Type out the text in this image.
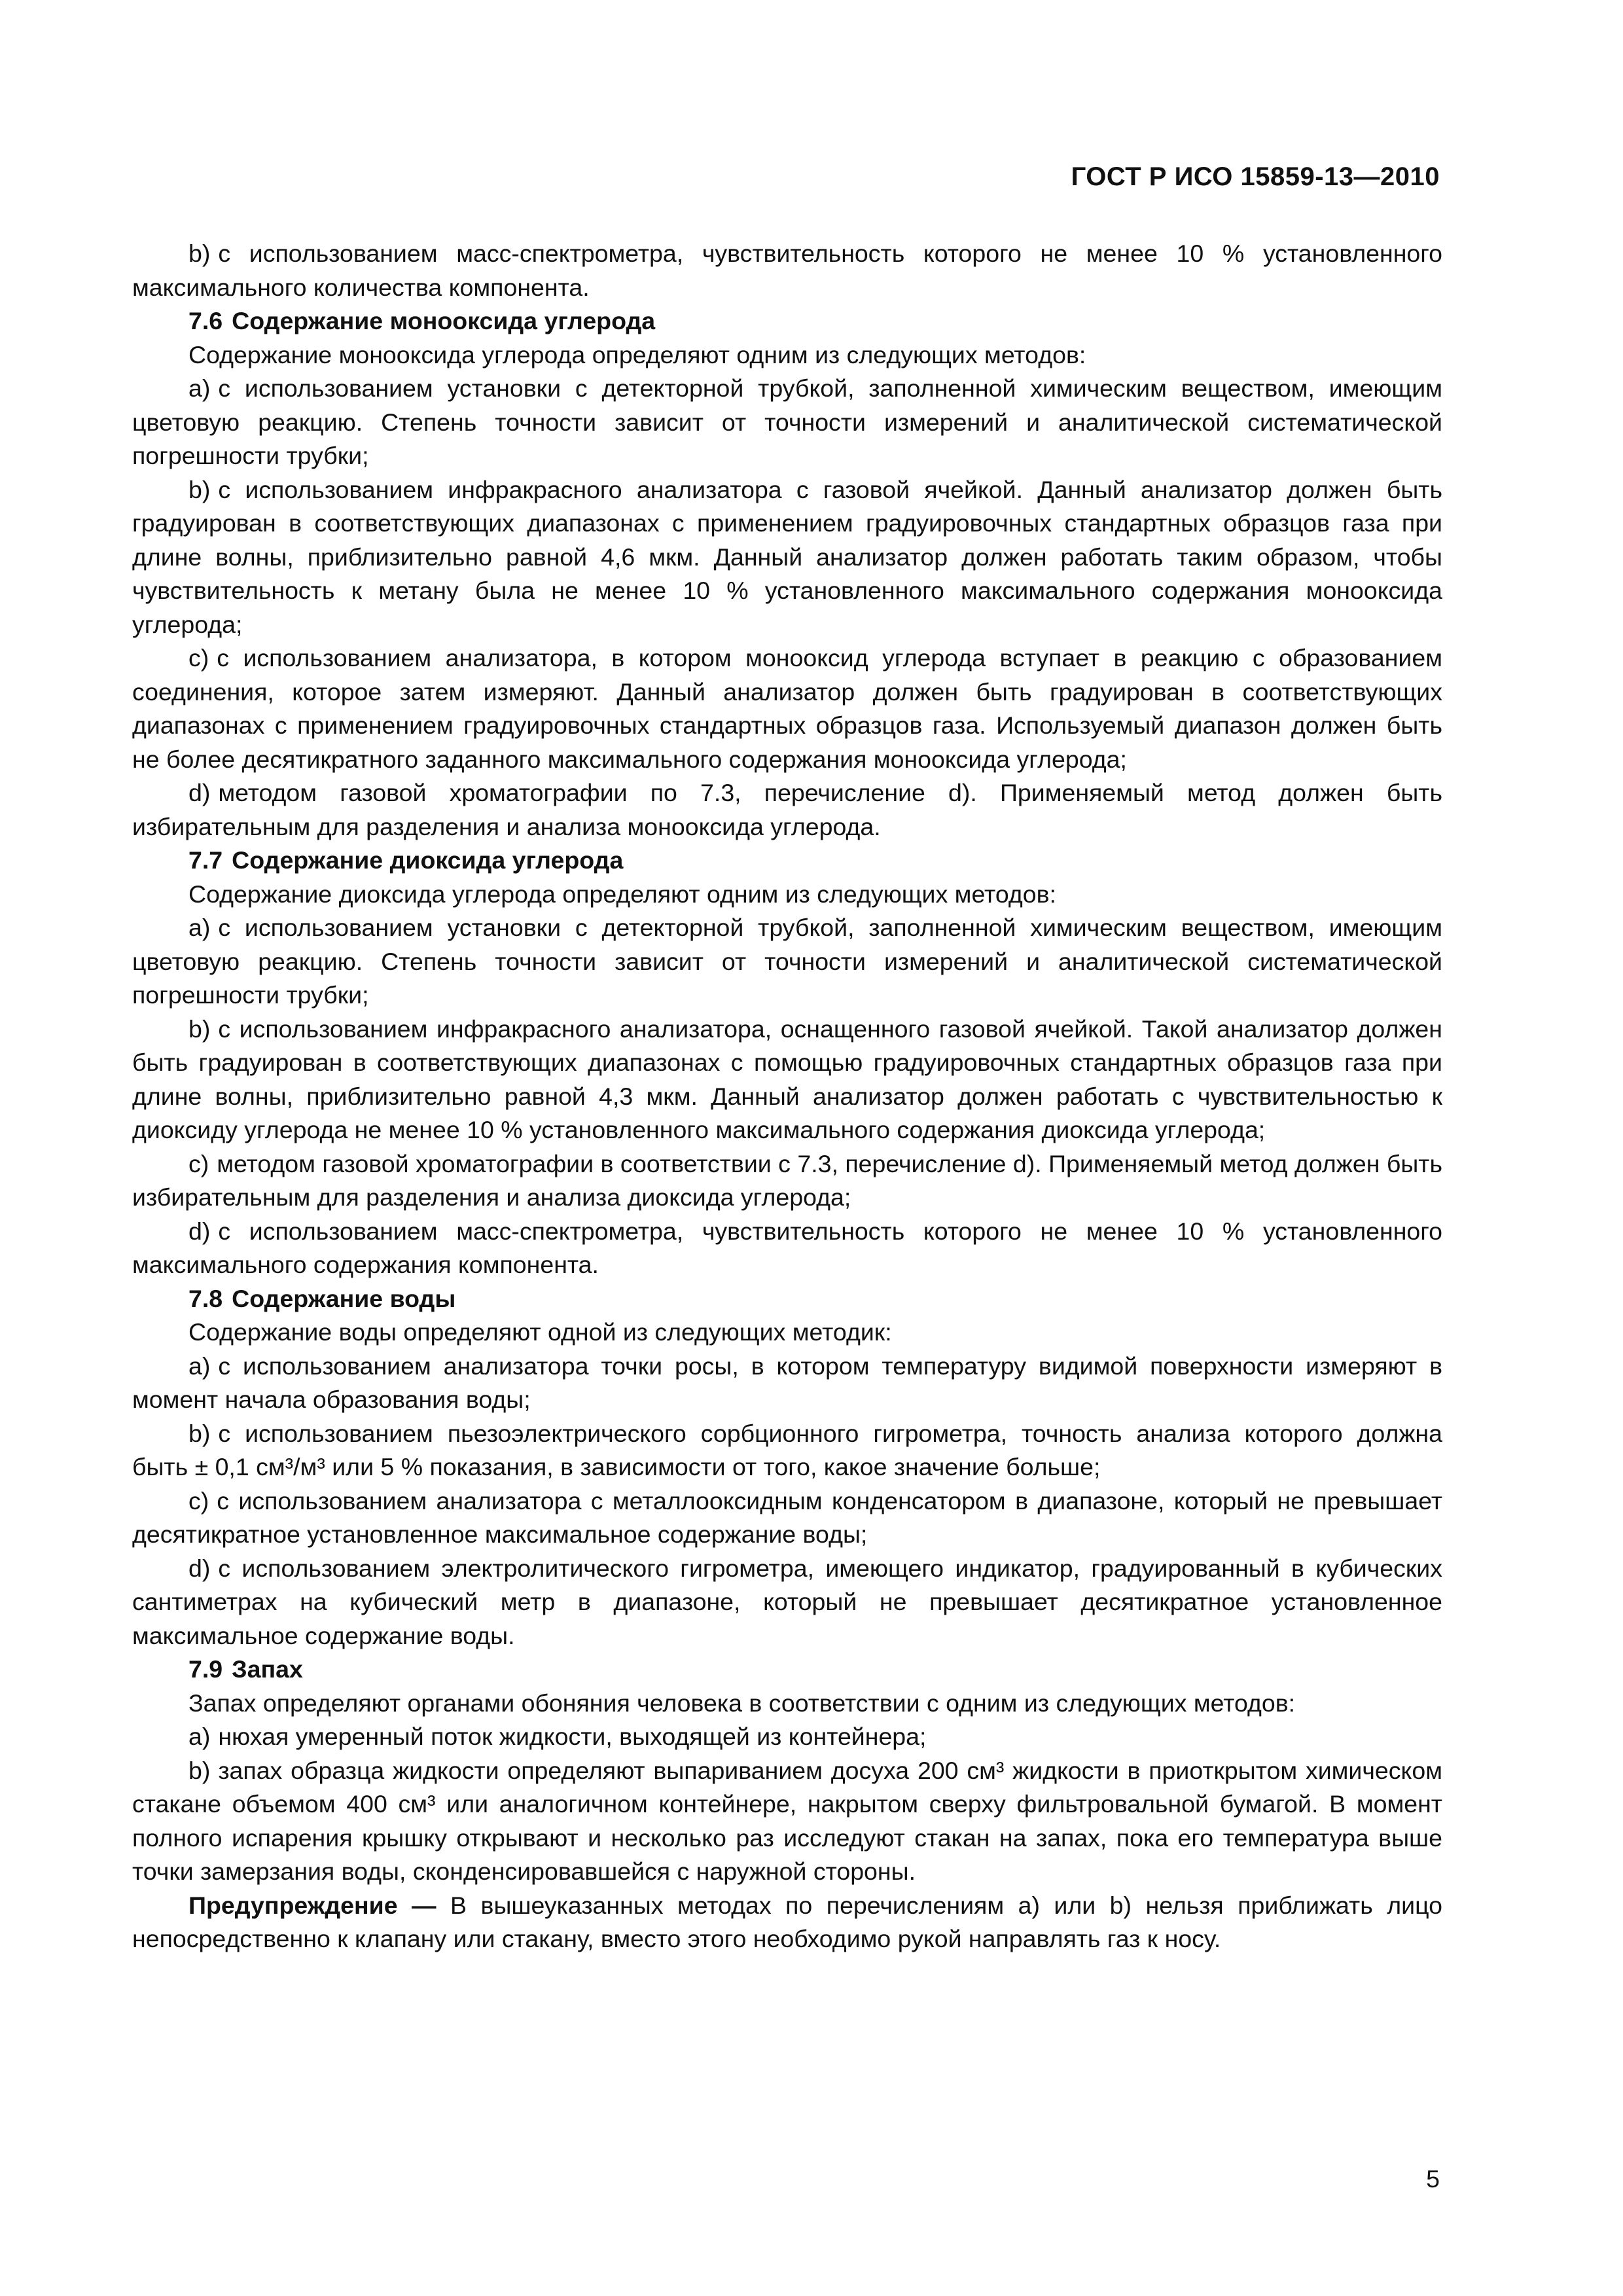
ГОСТ Р ИСО 15859-13—2010

b) с использованием масс-спектрометра, чувствительность которого не менее 10 % установленного максимального количества компонента.

7.6 Содержание монооксида углерода

Содержание монооксида углерода определяют одним из следующих методов:

a) с использованием установки с детекторной трубкой, заполненной химическим веществом, имеющим цветовую реакцию. Степень точности зависит от точности измерений и аналитической систематической погрешности трубки;

b) с использованием инфракрасного анализатора с газовой ячейкой. Данный анализатор должен быть градуирован в соответствующих диапазонах с применением градуировочных стандартных образцов газа при длине волны, приблизительно равной 4,6 мкм. Данный анализатор должен работать таким образом, чтобы чувствительность к метану была не менее 10 % установленного максимального содержания монооксида углерода;

c) с использованием анализатора, в котором монооксид углерода вступает в реакцию с образованием соединения, которое затем измеряют. Данный анализатор должен быть градуирован в соответствующих диапазонах с применением градуировочных стандартных образцов газа. Используемый диапазон должен быть не более десятикратного заданного максимального содержания монооксида углерода;

d) методом газовой хроматографии по 7.3, перечисление d). Применяемый метод должен быть избирательным для разделения и анализа монооксида углерода.

7.7 Содержание диоксида углерода

Содержание диоксида углерода определяют одним из следующих методов:

a) с использованием установки с детекторной трубкой, заполненной химическим веществом, имеющим цветовую реакцию. Степень точности зависит от точности измерений и аналитической систематической погрешности трубки;

b) с использованием инфракрасного анализатора, оснащенного газовой ячейкой. Такой анализатор должен быть градуирован в соответствующих диапазонах с помощью градуировочных стандартных образцов газа при длине волны, приблизительно равной 4,3 мкм. Данный анализатор должен работать с чувствительностью к диоксиду углерода не менее 10 % установленного максимального содержания диоксида углерода;

c) методом газовой хроматографии в соответствии с 7.3, перечисление d). Применяемый метод должен быть избирательным для разделения и анализа диоксида углерода;

d) с использованием масс-спектрометра, чувствительность которого не менее 10 % установленного максимального содержания компонента.

7.8 Содержание воды

Содержание воды определяют одной из следующих методик:

a) с использованием анализатора точки росы, в котором температуру видимой поверхности измеряют в момент начала образования воды;

b) с использованием пьезоэлектрического сорбционного гигрометра, точность анализа которого должна быть ± 0,1 см³/м³ или 5 % показания, в зависимости от того, какое значение больше;

c) с использованием анализатора с металлооксидным конденсатором в диапазоне, который не превышает десятикратное установленное максимальное содержание воды;

d) с использованием электролитического гигрометра, имеющего индикатор, градуированный в кубических сантиметрах на кубический метр в диапазоне, который не превышает десятикратное установленное максимальное содержание воды.

7.9 Запах

Запах определяют органами обоняния человека в соответствии с одним из следующих методов:

a) нюхая умеренный поток жидкости, выходящей из контейнера;

b) запах образца жидкости определяют выпариванием досуха 200 см³ жидкости в приоткрытом химическом стакане объемом 400 см³ или аналогичном контейнере, накрытом сверху фильтровальной бумагой. В момент полного испарения крышку открывают и несколько раз исследуют стакан на запах, пока его температура выше точки замерзания воды, сконденсировавшейся с наружной стороны.

Предупреждение — В вышеуказанных методах по перечислениям a) или b) нельзя приближать лицо непосредственно к клапану или стакану, вместо этого необходимо рукой направлять газ к носу.

5
